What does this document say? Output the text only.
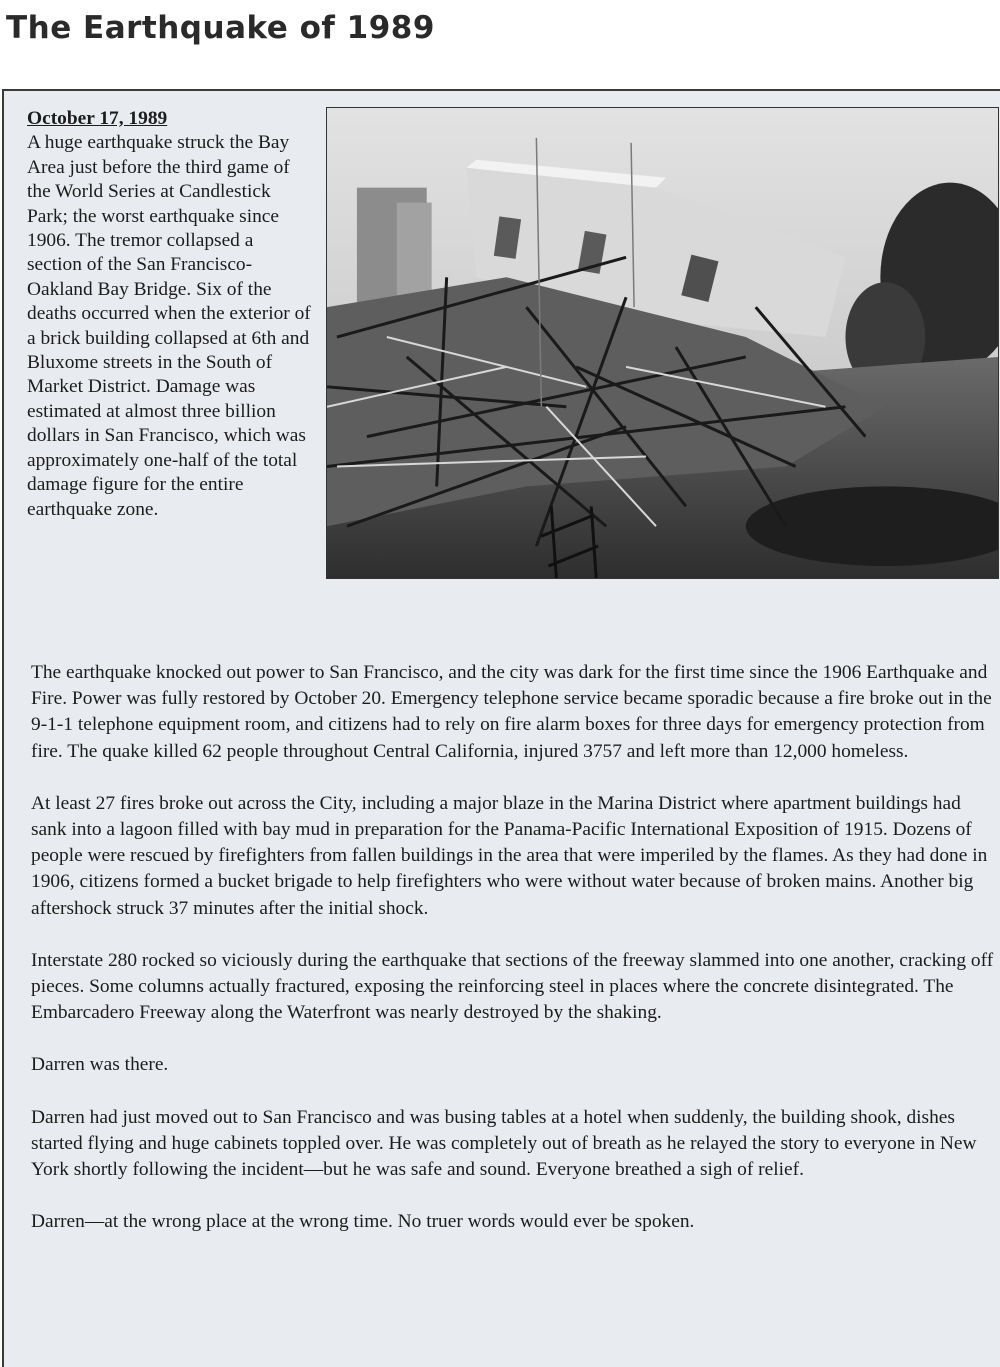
The Earthquake of 1989
October 17, 1989
A huge earthquake struck the Bay Area just before the third game of the World Series at Candlestick Park; the worst earthquake since 1906. The tremor collapsed a section of the San Francisco-Oakland Bay Bridge. Six of the deaths occurred when the exterior of a brick building collapsed at 6th and Bluxome streets in the South of Market District. Damage was estimated at almost three billion dollars in San Francisco, which was approximately one-half of the total damage figure for the entire earthquake zone.

The earthquake knocked out power to San Francisco, and the city was dark for the first time since the 1906 Earthquake and Fire. Power was fully restored by October 20. Emergency telephone service became sporadic because a fire broke out in the 9-1-1 telephone equipment room, and citizens had to rely on fire alarm boxes for three days for emergency protection from fire. The quake killed 62 people throughout Central California, injured 3757 and left more than 12,000 homeless.

At least 27 fires broke out across the City, including a major blaze in the Marina District where apartment buildings had sank into a lagoon filled with bay mud in preparation for the Panama-Pacific International Exposition of 1915. Dozens of people were rescued by firefighters from fallen buildings in the area that were imperiled by the flames. As they had done in 1906, citizens formed a bucket brigade to help firefighters who were without water because of broken mains. Another big aftershock struck 37 minutes after the initial shock.

Interstate 280 rocked so viciously during the earthquake that sections of the freeway slammed into one another, cracking off pieces. Some columns actually fractured, exposing the reinforcing steel in places where the concrete disintegrated. The Embarcadero Freeway along the Waterfront was nearly destroyed by the shaking.

Darren was there.

Darren had just moved out to San Francisco and was busing tables at a hotel when suddenly, the building shook, dishes started flying and huge cabinets toppled over. He was completely out of breath as he relayed the story to everyone in New York shortly following the incident—but he was safe and sound. Everyone breathed a sigh of relief.

Darren—at the wrong place at the wrong time. No truer words would ever be spoken.
